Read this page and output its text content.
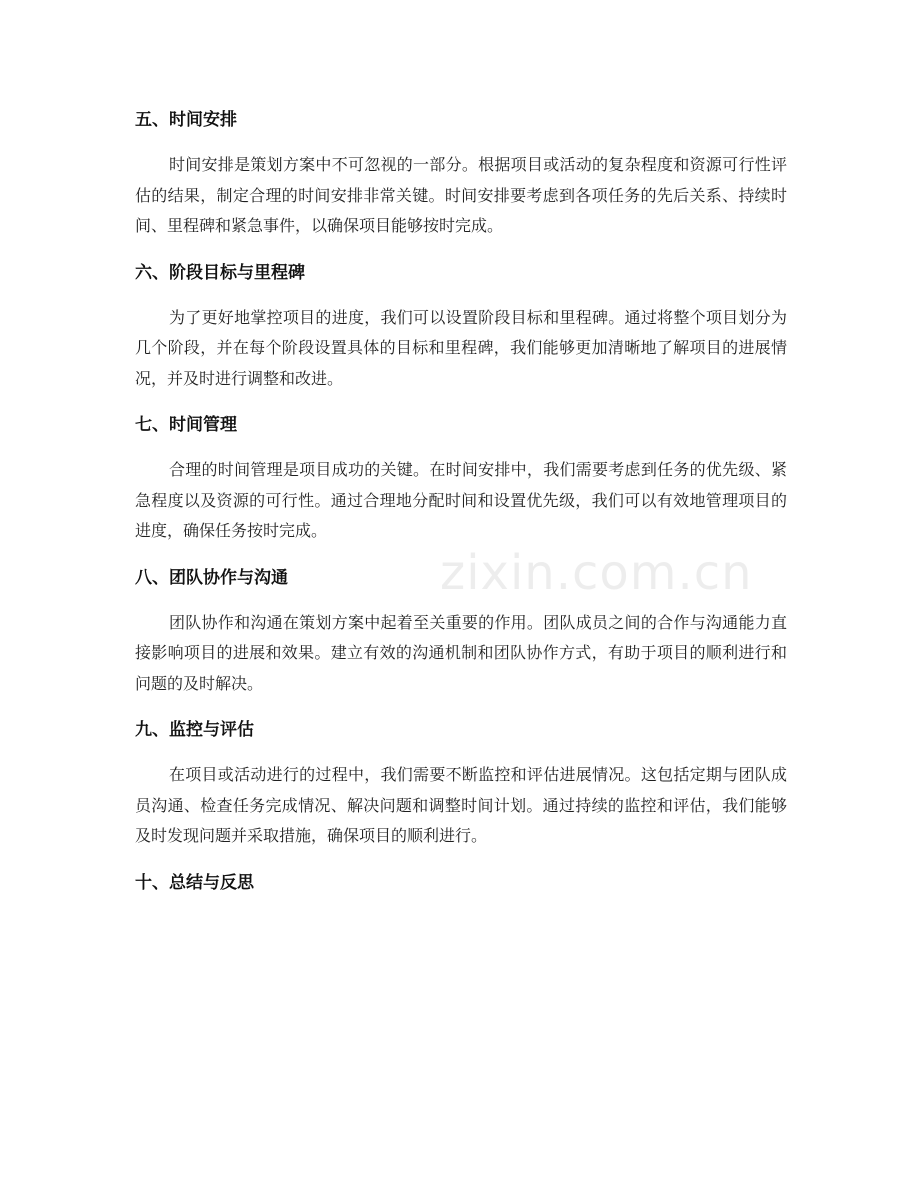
五、时间安排

时间安排是策划方案中不可忽视的一部分。根据项目或活动的复杂程度和资源可行性评估的结果，制定合理的时间安排非常关键。时间安排要考虑到各项任务的先后关系、持续时间、里程碑和紧急事件，以确保项目能够按时完成。

六、阶段目标与里程碑

为了更好地掌控项目的进度，我们可以设置阶段目标和里程碑。通过将整个项目划分为几个阶段，并在每个阶段设置具体的目标和里程碑，我们能够更加清晰地了解项目的进展情况，并及时进行调整和改进。

七、时间管理

合理的时间管理是项目成功的关键。在时间安排中，我们需要考虑到任务的优先级、紧急程度以及资源的可行性。通过合理地分配时间和设置优先级，我们可以有效地管理项目的进度，确保任务按时完成。

八、团队协作与沟通

团队协作和沟通在策划方案中起着至关重要的作用。团队成员之间的合作与沟通能力直接影响项目的进展和效果。建立有效的沟通机制和团队协作方式，有助于项目的顺利进行和问题的及时解决。

九、监控与评估

在项目或活动进行的过程中，我们需要不断监控和评估进展情况。这包括定期与团队成员沟通、检查任务完成情况、解决问题和调整时间计划。通过持续的监控和评估，我们能够及时发现问题并采取措施，确保项目的顺利进行。

十、总结与反思
zixin.com.cn
